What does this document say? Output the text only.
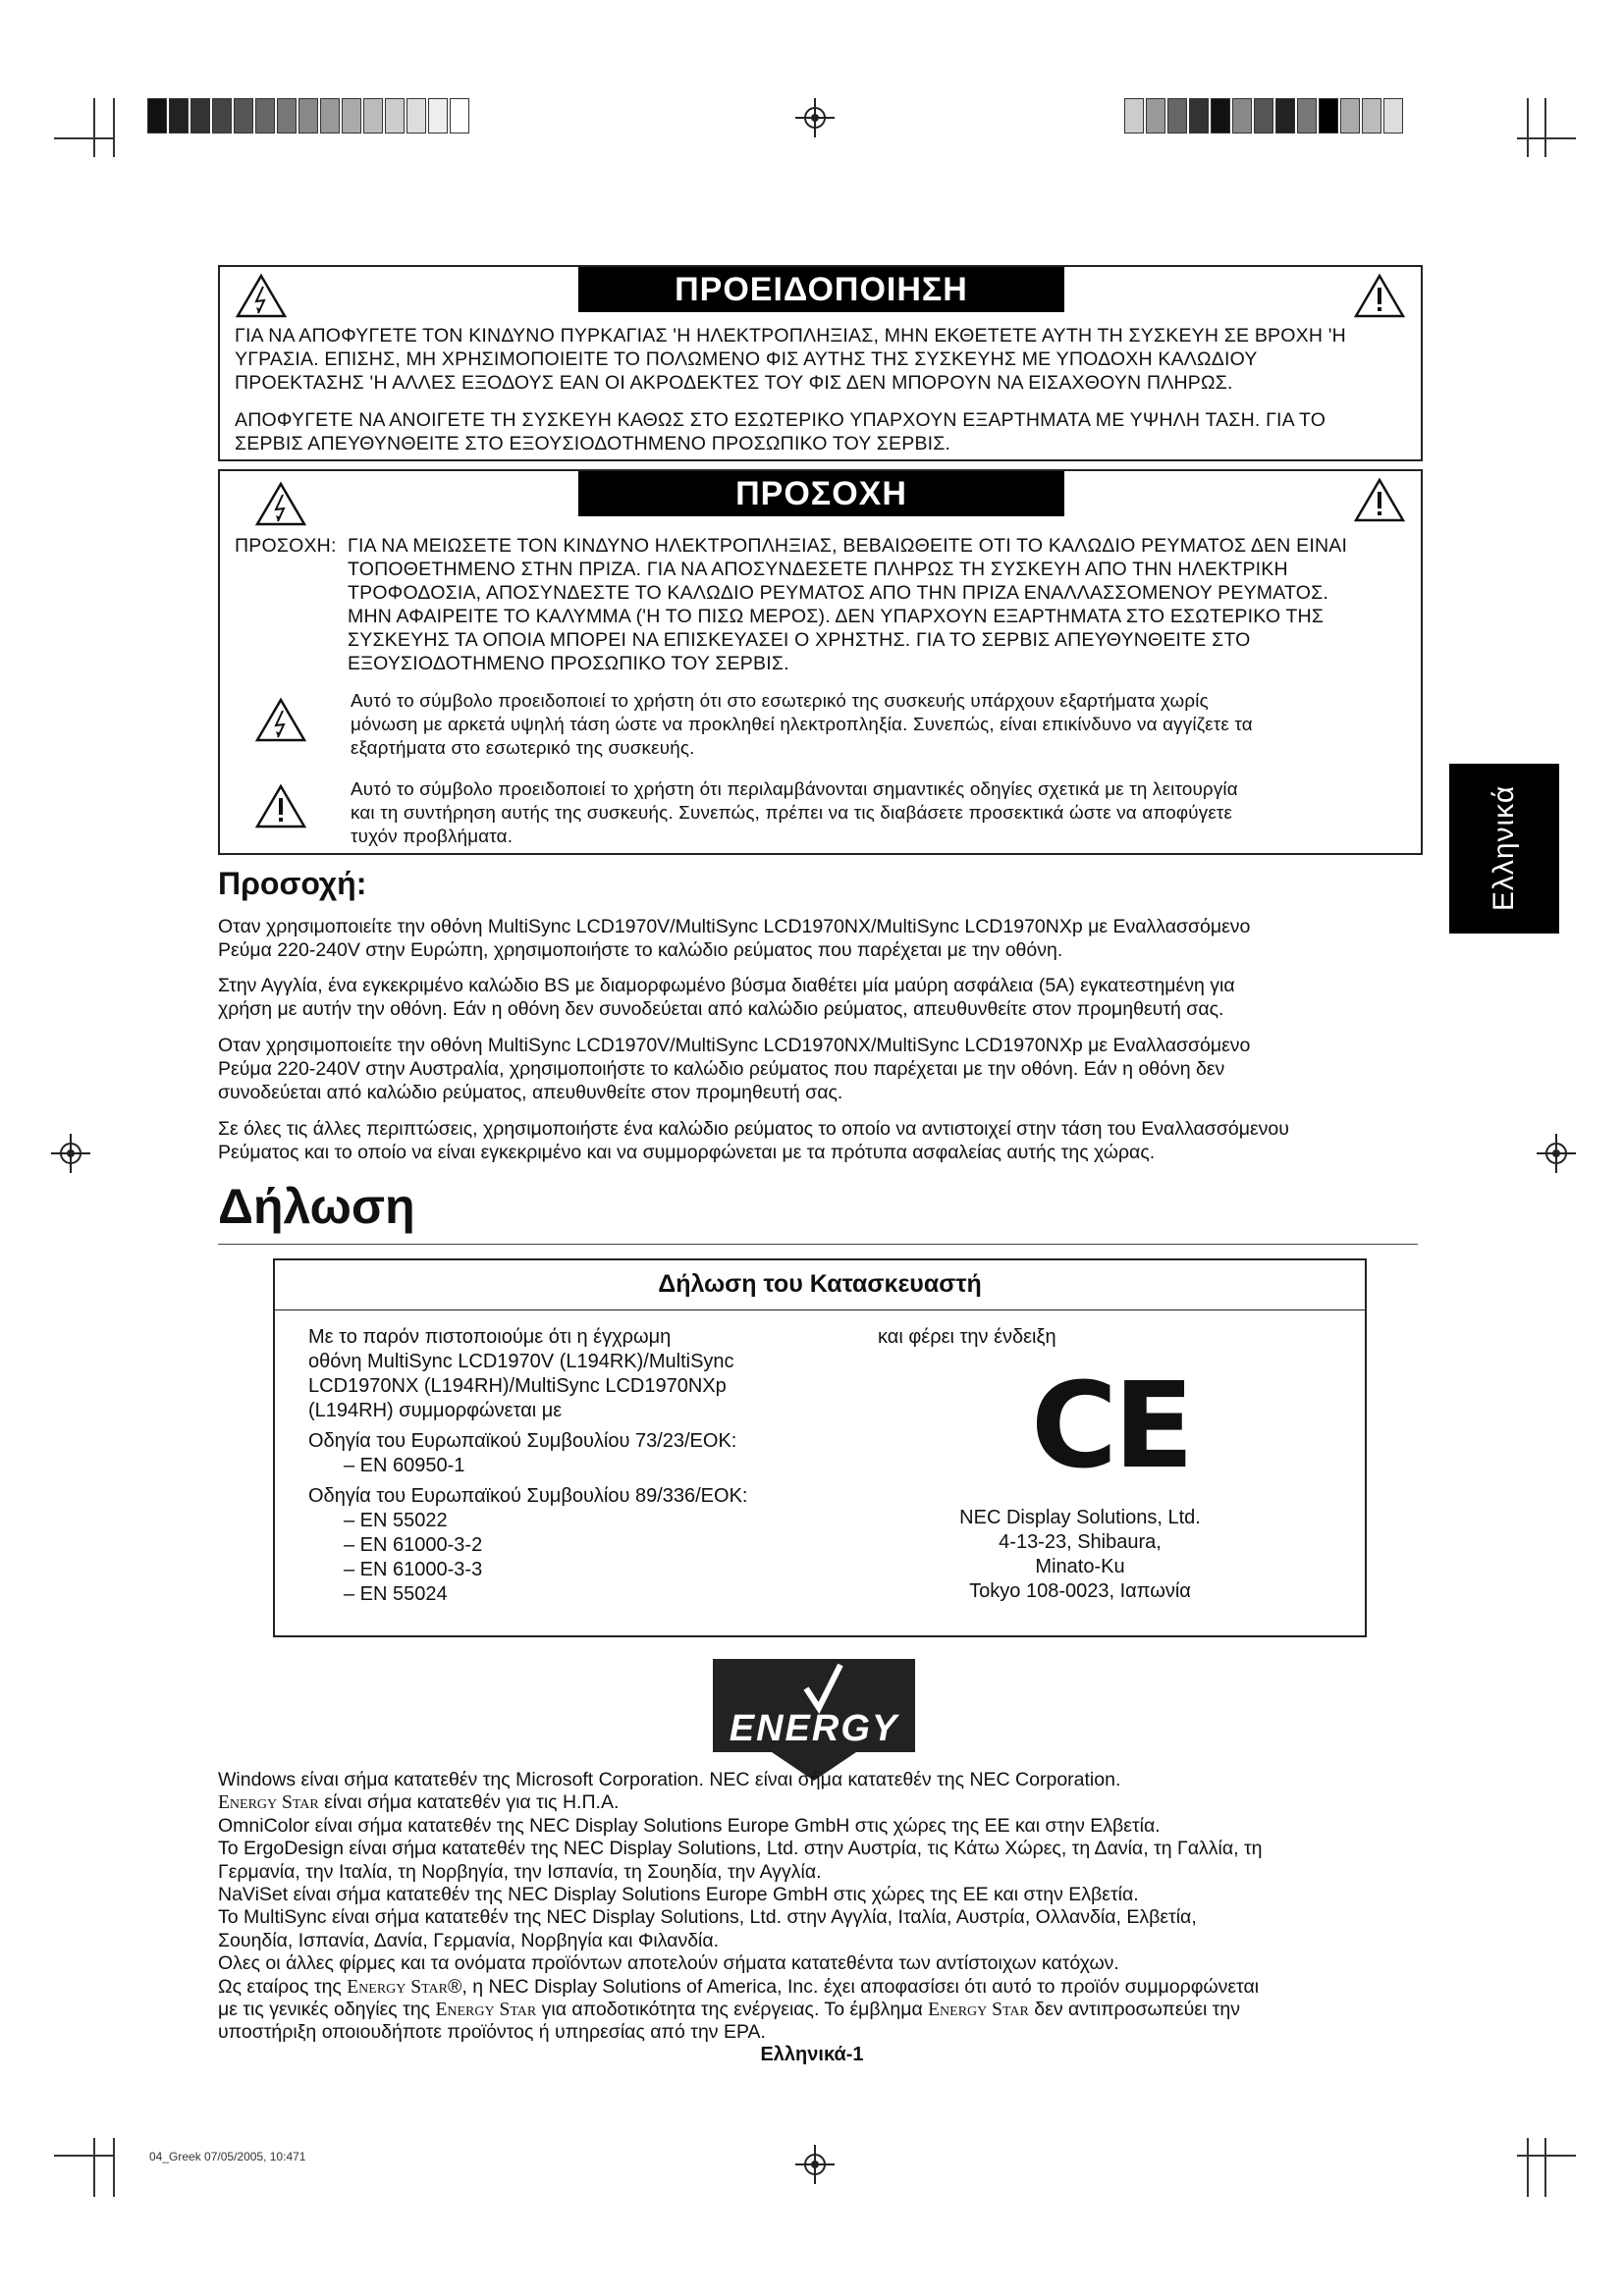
ΠΡΟΕΙΔΟΠΟΙΗΣΗ
ΓΙΑ ΝΑ ΑΠΟΦΥΓΕΤΕ ΤΟΝ ΚΙΝΔΥΝΟ ΠΥΡΚΑΓΙΑΣ 'Η ΗΛΕΚΤΡΟΠΛΗΞΙΑΣ, ΜΗΝ ΕΚΘΕΤΕΤΕ ΑΥΤΗ ΤΗ ΣΥΣΚΕΥΗ ΣΕ ΒΡΟΧΗ 'Η
ΥΓΡΑΣΙΑ. ΕΠΙΣΗΣ, ΜΗ ΧΡΗΣΙΜΟΠΟΙΕΙΤΕ ΤΟ ΠΟΛΩΜΕΝΟ ΦΙΣ ΑΥΤΗΣ ΤΗΣ ΣΥΣΚΕΥΗΣ ΜΕ ΥΠΟΔΟΧΗ ΚΑΛΩΔΙΟΥ
ΠΡΟΕΚΤΑΣΗΣ 'Η ΑΛΛΕΣ ΕΞΟΔΟΥΣ ΕΑΝ ΟΙ ΑΚΡΟΔΕΚΤΕΣ ΤΟΥ ΦΙΣ ΔΕΝ ΜΠΟΡΟΥΝ ΝΑ ΕΙΣΑΧΘΟΥΝ ΠΛΗΡΩΣ.
ΑΠΟΦΥΓΕΤΕ ΝΑ ΑΝΟΙΓΕΤΕ ΤΗ ΣΥΣΚΕΥΗ ΚΑΘΩΣ ΣΤΟ ΕΣΩΤΕΡΙΚΟ ΥΠΑΡΧΟΥΝ ΕΞΑΡΤΗΜΑΤΑ ΜΕ ΥΨΗΛΗ ΤΑΣΗ. ΓΙΑ ΤΟ
ΣΕΡΒΙΣ ΑΠΕΥΘΥΝΘΕΙΤΕ ΣΤΟ ΕΞΟΥΣΙΟΔΟΤΗΜΕΝΟ ΠΡΟΣΩΠΙΚΟ ΤΟΥ ΣΕΡΒΙΣ.
ΠΡΟΣΟΧΗ
ΠΡΟΣΟΧΗ: ΓΙΑ ΝΑ ΜΕΙΩΣΕΤΕ ΤΟΝ ΚΙΝΔΥΝΟ ΗΛΕΚΤΡΟΠΛΗΞΙΑΣ, ΒΕΒΑΙΩΘΕΙΤΕ ΟΤΙ ΤΟ ΚΑΛΩΔΙΟ ΡΕΥΜΑΤΟΣ ΔΕΝ ΕΙΝΑΙ
ΤΟΠΟΘΕΤΗΜΕΝΟ ΣΤΗΝ ΠΡΙΖΑ. ΓΙΑ ΝΑ ΑΠΟΣΥΝΔΕΣΕΤΕ ΠΛΗΡΩΣ ΤΗ ΣΥΣΚΕΥΗ ΑΠΟ ΤΗΝ ΗΛΕΚΤΡΙΚΗ
ΤΡΟΦΟΔΟΣΙΑ, ΑΠΟΣΥΝΔΕΣΤΕ ΤΟ ΚΑΛΩΔΙΟ ΡΕΥΜΑΤΟΣ ΑΠΟ ΤΗΝ ΠΡΙΖΑ ΕΝΑΛΛΑΣΣΟΜΕΝΟΥ ΡΕΥΜΑΤΟΣ.
ΜΗΝ ΑΦΑΙΡΕΙΤΕ ΤΟ ΚΑΛΥΜΜΑ ('Η ΤΟ ΠΙΣΩ ΜΕΡΟΣ). ΔΕΝ ΥΠΑΡΧΟΥΝ ΕΞΑΡΤΗΜΑΤΑ ΣΤΟ ΕΣΩΤΕΡΙΚΟ ΤΗΣ
ΣΥΣΚΕΥΗΣ ΤΑ ΟΠΟΙΑ ΜΠΟΡΕΙ ΝΑ ΕΠΙΣΚΕΥΑΣΕΙ Ο ΧΡΗΣΤΗΣ. ΓΙΑ ΤΟ ΣΕΡΒΙΣ ΑΠΕΥΘΥΝΘΕΙΤΕ ΣΤΟ
ΕΞΟΥΣΙΟΔΟΤΗΜΕΝΟ ΠΡΟΣΩΠΙΚΟ ΤΟΥ ΣΕΡΒΙΣ.
Αυτό το σύμβολο προειδοποιεί το χρήστη ότι στο εσωτερικό της συσκευής υπάρχουν εξαρτήματα χωρίς
μόνωση με αρκετά υψηλή τάση ώστε να προκληθεί ηλεκτροπληξία. Συνεπώς, είναι επικίνδυνο να αγγίζετε τα
εξαρτήματα στο εσωτερικό της συσκευής.
Αυτό το σύμβολο προειδοποιεί το χρήστη ότι περιλαμβάνονται σημαντικές οδηγίες σχετικά με τη λειτουργία
και τη συντήρηση αυτής της συσκευής. Συνεπώς, πρέπει να τις διαβάσετε προσεκτικά ώστε να αποφύγετε
τυχόν προβλήματα.	Ελληνικά
Προσοχή:
Οταν χρησιμοποιείτε την οθόνη MultiSync LCD1970V/MultiSync LCD1970NX/MultiSync LCD1970NXp με Εναλλασσόμενο
Ρεύμα 220-240V στην Ευρώπη, χρησιμοποιήστε το καλώδιο ρεύματος που παρέχεται με την οθόνη.
Στην Αγγλία, ένα εγκεκριμένο καλώδιο BS με διαμορφωμένο βύσμα διαθέτει μία μαύρη ασφάλεια (5A) εγκατεστημένη για
χρήση με αυτήν την οθόνη. Εάν η οθόνη δεν συνοδεύεται από καλώδιο ρεύματος, απευθυνθείτε στον προμηθευτή σας.
Οταν χρησιμοποιείτε την οθόνη MultiSync LCD1970V/MultiSync LCD1970NX/MultiSync LCD1970NXp με Εναλλασσόμενο
Ρεύμα 220-240V στην Αυστραλία, χρησιμοποιήστε το καλώδιο ρεύματος που παρέχεται με την οθόνη. Εάν η οθόνη δεν
συνοδεύεται από καλώδιο ρεύματος, απευθυνθείτε στον προμηθευτή σας.
Σε όλες τις άλλες περιπτώσεις, χρησιμοποιήστε ένα καλώδιο ρεύματος το οποίο να αντιστοιχεί στην τάση του Εναλλασσόμενου
Ρεύματος και το οποίο να είναι εγκεκριμένο και να συμμορφώνεται με τα πρότυπα ασφαλείας αυτής της χώρας.
Δήλωση
Δήλωση του Κατασκευαστή
Με το παρόν πιστοποιούμε ότι η έγχρωμη
οθόνη MultiSync LCD1970V (L194RK)/MultiSync
LCD1970NX (L194RH)/MultiSync LCD1970NXp
(L194RH) συμμορφώνεται με
Οδηγία του Ευρωπαϊκού Συμβουλίου 73/23/ΕΟΚ:
– EN 60950-1
Οδηγία του Ευρωπαϊκού Συμβουλίου 89/336/ΕΟΚ:
– EN 55022
– EN 61000-3-2
– EN 61000-3-3
– EN 55024
και φέρει την ένδειξη
CE
NEC Display Solutions, Ltd.
4-13-23, Shibaura,
Minato-Ku
Tokyo 108-0023, Ιαπωνία
ENERGY
Windows είναι σήμα κατατεθέν της Microsoft Corporation. NEC είναι σήμα κατατεθέν της NEC Corporation.
Energy Star είναι σήμα κατατεθέν για τις Η.Π.Α.
OmniColor είναι σήμα κατατεθέν της NEC Display Solutions Europe GmbH στις χώρες της ΕΕ και στην Ελβετία.
Το ErgoDesign είναι σήμα κατατεθέν της NEC Display Solutions, Ltd. στην Αυστρία, τις Κάτω Χώρες, τη Δανία, τη Γαλλία, τη
Γερμανία, την Ιταλία, τη Νορβηγία, την Ισπανία, τη Σουηδία, την Αγγλία.
NaViSet είναι σήμα κατατεθέν της NEC Display Solutions Europe GmbH στις χώρες της ΕΕ και στην Ελβετία.
Το MultiSync είναι σήμα κατατεθέν της NEC Display Solutions, Ltd. στην Αγγλία, Ιταλία, Αυστρία, Ολλανδία, Ελβετία,
Σουηδία, Ισπανία, Δανία, Γερμανία, Νορβηγία και Φιλανδία.
Ολες οι άλλες φίρμες και τα ονόματα προϊόντων αποτελούν σήματα κατατεθέντα των αντίστοιχων κατόχων.
Ως εταίρος της Energy Star®, η NEC Display Solutions of America, Inc. έχει αποφασίσει ότι αυτό το προϊόν συμμορφώνεται
με τις γενικές οδηγίες της Energy Star για αποδοτικότητα της ενέργειας. Το έμβλημα Energy Star δεν αντιπροσωπεύει την
υποστήριξη οποιουδήποτε προϊόντος ή υπηρεσίας από την EPA.
Ελληνικά-1
04_Greek 07/05/2005, 10:471
